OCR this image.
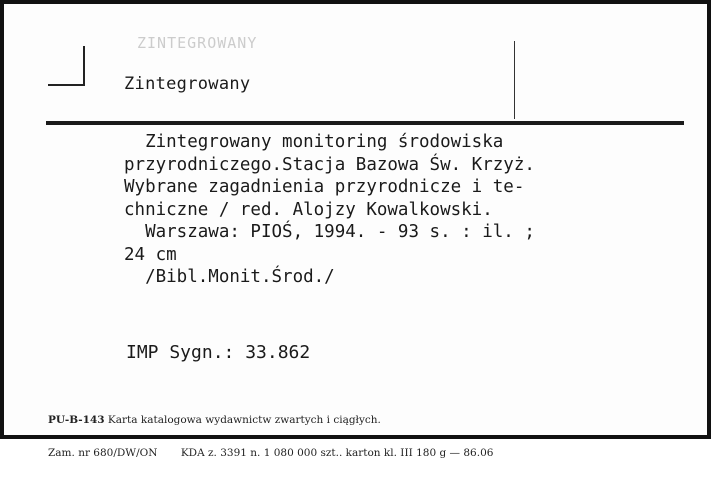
ZINTEGROWANY
Zintegrowany
Zintegrowany monitoring środowiska
przyrodniczego.Stacja Bazowa Św. Krzyż.
Wybrane zagadnienia przyrodnicze i te-
chniczne / red. Alojzy Kowalkowski.
Warszawa: PIOŚ, 1994. - 93 s. : il. ;
24 cm
/Bibl.Monit.Środ./
IMP Sygn.: 33.862

PU-B-143 Karta katalogowa wydawnictw zwartych i ciągłych.

Zam. nr 680/DW/ON KDA z. 3391 n. 1 080 000 szt.. karton kl. III 180 g — 86.06
